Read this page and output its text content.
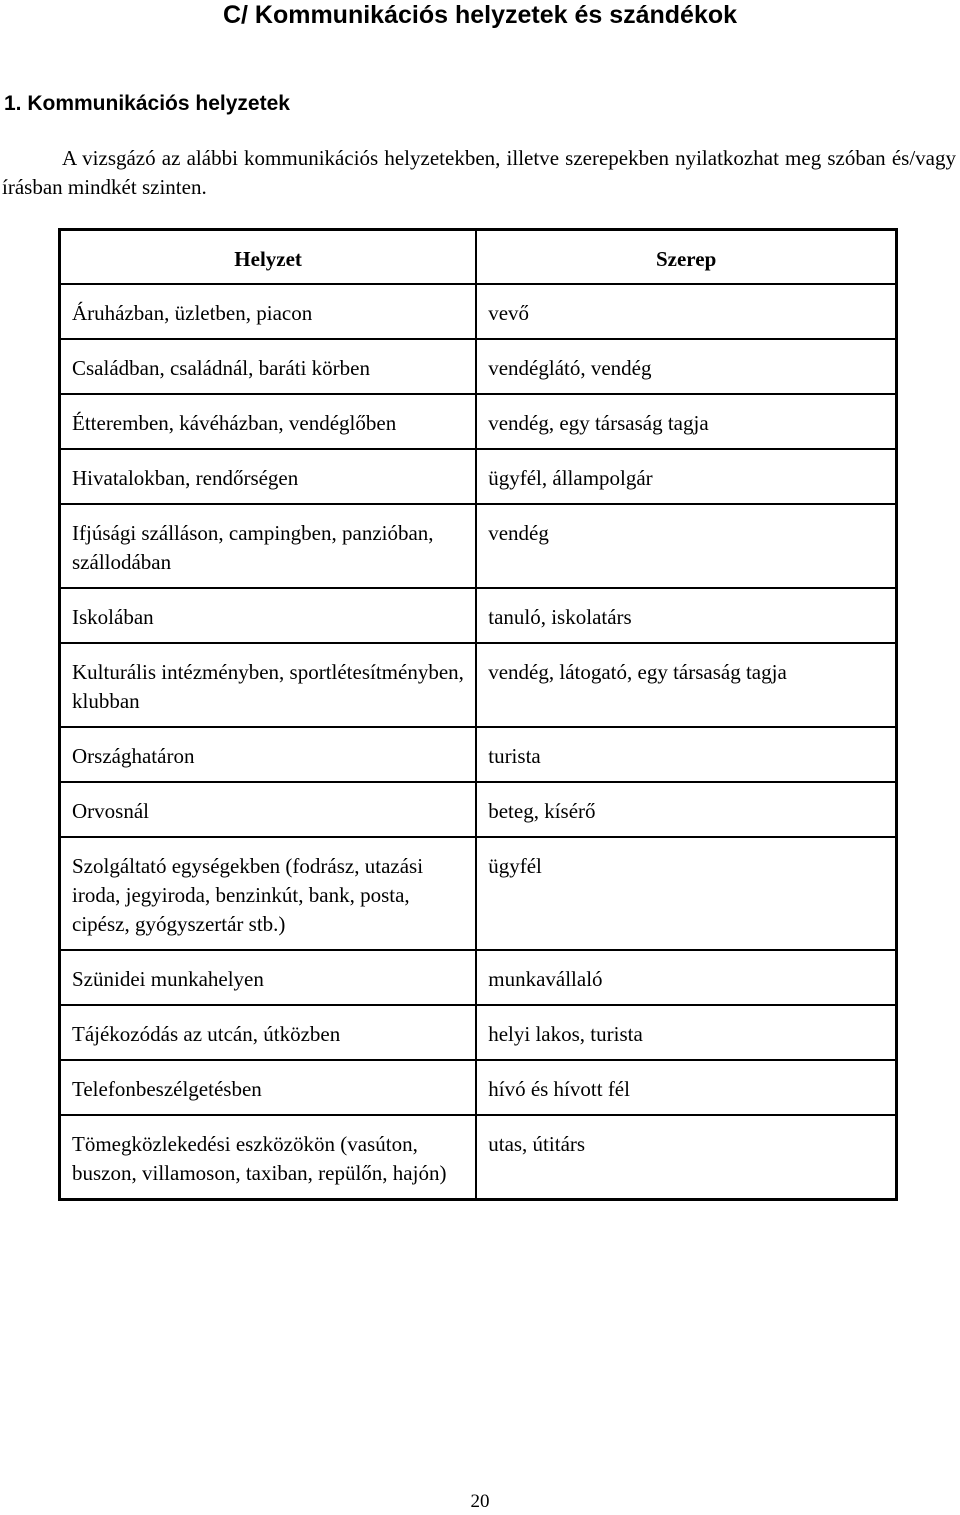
C/ Kommunikációs helyzetek és szándékok
1. Kommunikációs helyzetek

A vizsgázó az alábbi kommunikációs helyzetekben, illetve szerepekben nyilatkozhat meg szóban és/vagy írásban mindkét szinten.

Helyzet	Szerep
Áruházban, üzletben, piacon	vevő
Családban, családnál, baráti körben	vendéglátó, vendég
Étteremben, kávéházban, vendéglőben	vendég, egy társaság tagja
Hivatalokban, rendőrségen	ügyfél, állampolgár
Ifjúsági szálláson, campingben, panzióban, szállodában	vendég
Iskolában	tanuló, iskolatárs
Kulturális intézményben, sportlétesítményben, klubban	vendég, látogató, egy társaság tagja
Országhatáron	turista
Orvosnál	beteg, kísérő
Szolgáltató egységekben (fodrász, utazási iroda, jegyiroda, benzinkút, bank, posta, cipész, gyógyszertár stb.)	ügyfél
Szünidei munkahelyen	munkavállaló
Tájékozódás az utcán, útközben	helyi lakos, turista
Telefonbeszélgetésben	hívó és hívott fél
Tömegközlekedési eszközökön (vasúton, buszon, villamoson, taxiban, repülőn, hajón)	utas, útitárs
20
